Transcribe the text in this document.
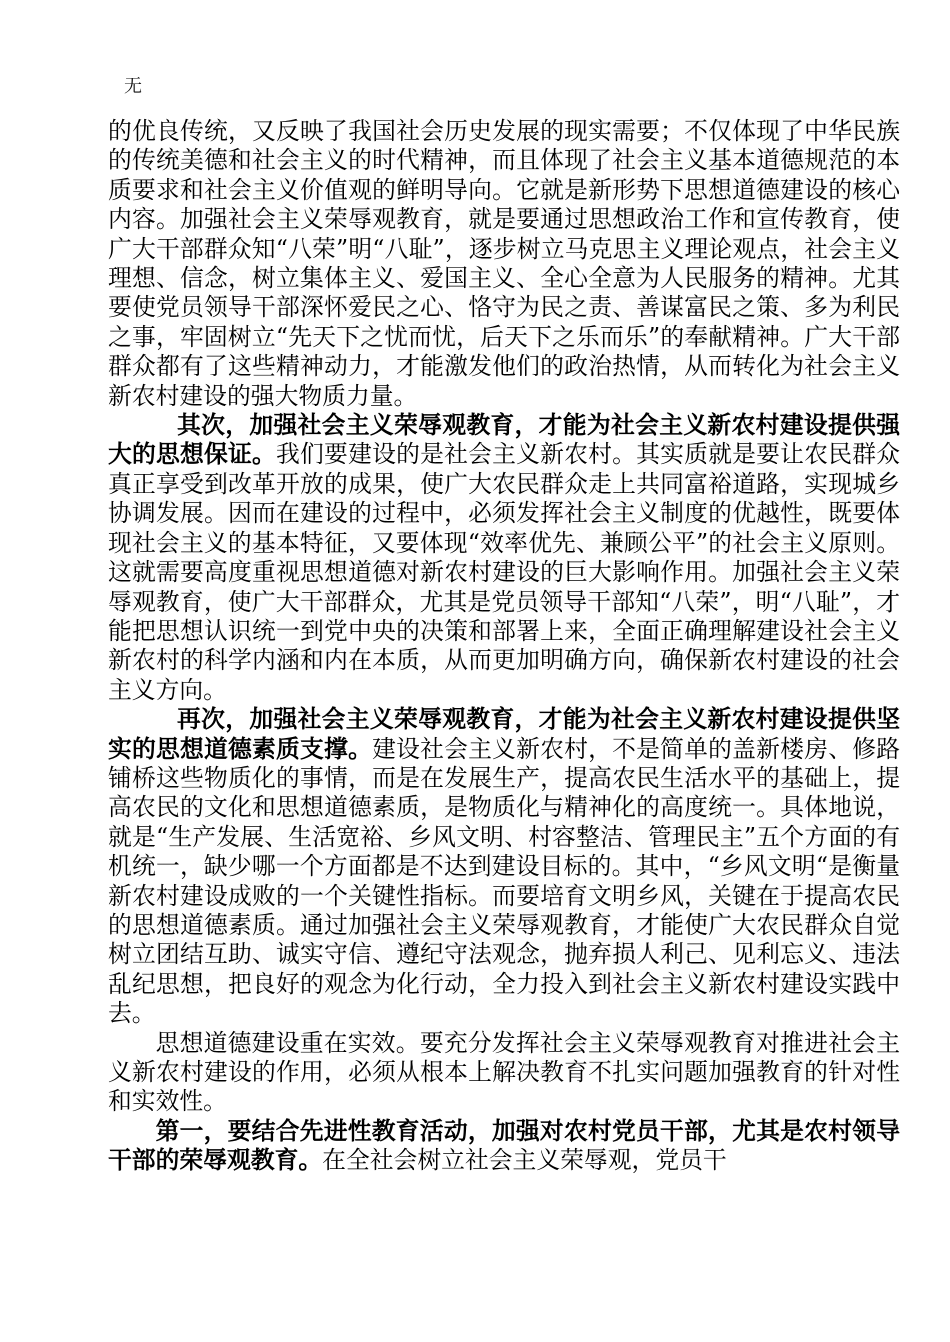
无

的优良传统，又反映了我国社会历史发展的现实需要；不仅体现了中华民族的传统美德和社会主义的时代精神，而且体现了社会主义基本道德规范的本质要求和社会主义价值观的鲜明导向。它就是新形势下思想道德建设的核心内容。加强社会主义荣辱观教育，就是要通过思想政治工作和宣传教育，使广大干部群众知“八荣”明“八耻”，逐步树立马克思主义理论观点，社会主义理想、信念，树立集体主义、爱国主义、全心全意为人民服务的精神。尤其要使党员领导干部深怀爱民之心、恪守为民之责、善谋富民之策、多为利民之事，牢固树立“先天下之忧而忧，后天下之乐而乐”的奉献精神。广大干部群众都有了这些精神动力，才能激发他们的政治热情，从而转化为社会主义新农村建设的强大物质力量。

其次，加强社会主义荣辱观教育，才能为社会主义新农村建设提供强大的思想保证。我们要建设的是社会主义新农村。其实质就是要让农民群众真正享受到改革开放的成果，使广大农民群众走上共同富裕道路，实现城乡协调发展。因而在建设的过程中，必须发挥社会主义制度的优越性，既要体现社会主义的基本特征，又要体现“效率优先、兼顾公平”的社会主义原则。这就需要高度重视思想道德对新农村建设的巨大影响作用。加强社会主义荣辱观教育，使广大干部群众，尤其是党员领导干部知“八荣”，明“八耻”，才能把思想认识统一到党中央的决策和部署上来，全面正确理解建设社会主义新农村的科学内涵和内在本质，从而更加明确方向，确保新农村建设的社会主义方向。

再次，加强社会主义荣辱观教育，才能为社会主义新农村建设提供坚实的思想道德素质支撑。建设社会主义新农村，不是简单的盖新楼房、修路铺桥这些物质化的事情，而是在发展生产，提高农民生活水平的基础上，提高农民的文化和思想道德素质，是物质化与精神化的高度统一。具体地说，就是“生产发展、生活宽裕、乡风文明、村容整洁、管理民主”五个方面的有机统一，缺少哪一个方面都是不达到建设目标的。其中，“乡风文明“是衡量新农村建设成败的一个关键性指标。而要培育文明乡风，关键在于提高农民的思想道德素质。通过加强社会主义荣辱观教育，才能使广大农民群众自觉树立团结互助、诚实守信、遵纪守法观念，抛弃损人利己、见利忘义、违法乱纪思想，把良好的观念为化行动，全力投入到社会主义新农村建设实践中去。

思想道德建设重在实效。要充分发挥社会主义荣辱观教育对推进社会主义新农村建设的作用，必须从根本上解决教育不扎实问题加强教育的针对性和实效性。

第一，要结合先进性教育活动，加强对农村党员干部，尤其是农村领导干部的荣辱观教育。在全社会树立社会主义荣辱观，党员干
